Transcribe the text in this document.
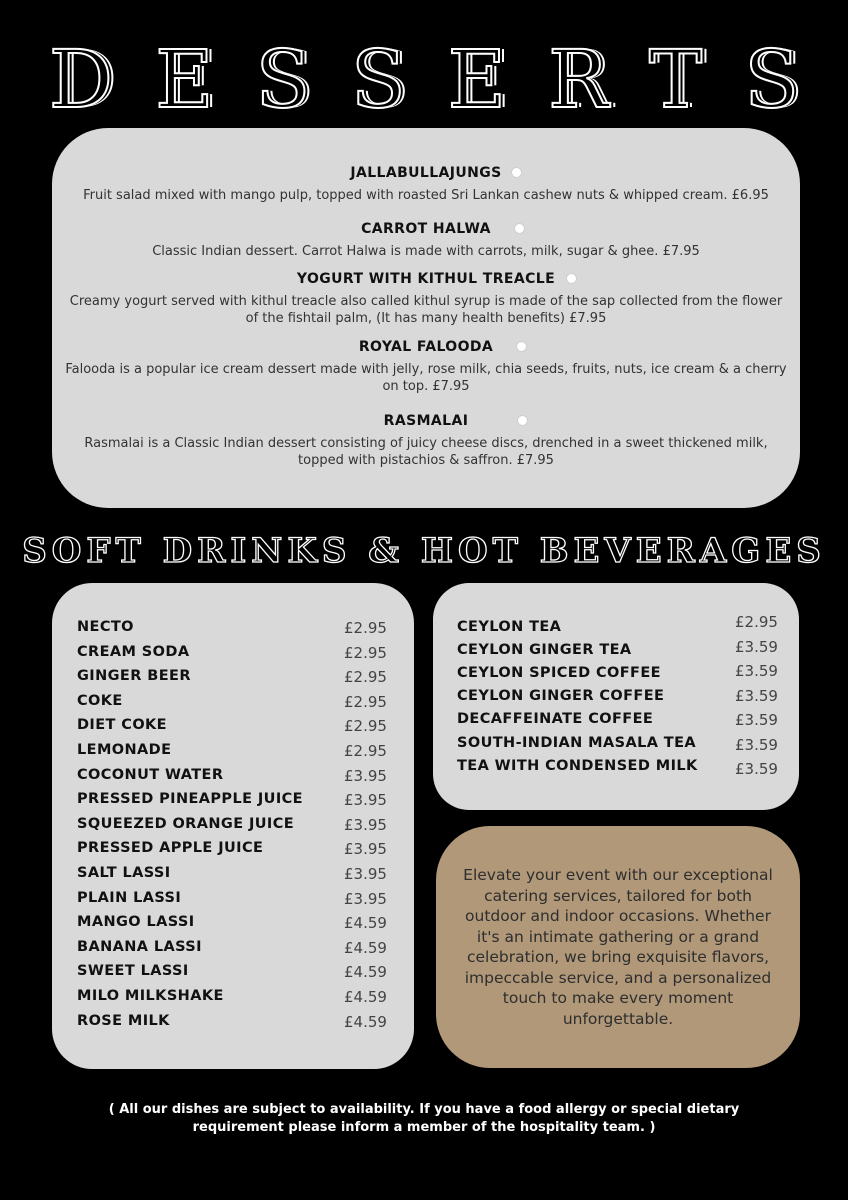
DESSERTS
JALLABULLAJUNGS
Fruit salad mixed with mango pulp, topped with roasted Sri Lankan cashew nuts & whipped cream. £6.95
CARROT HALWA
Classic Indian dessert. Carrot Halwa is made with carrots, milk, sugar & ghee. £7.95
YOGURT WITH KITHUL TREACLE
Creamy yogurt served with kithul treacle also called kithul syrup is made of the sap collected from the flower of the fishtail palm, (It has many health benefits) £7.95
ROYAL FALOODA
Falooda is a popular ice cream dessert made with jelly, rose milk, chia seeds, fruits, nuts, ice cream & a cherry on top. £7.95
RASMALAI
Rasmalai is a Classic Indian dessert consisting of juicy cheese discs, drenched in a sweet thickened milk, topped with pistachios & saffron. £7.95
SOFT DRINKS & HOT BEVERAGES
NECTO	£2.95
CREAM SODA	£2.95
GINGER BEER	£2.95
COKE	£2.95
DIET COKE	£2.95
LEMONADE	£2.95
COCONUT WATER	£3.95
PRESSED PINEAPPLE JUICE	£3.95
SQUEEZED ORANGE JUICE	£3.95
PRESSED APPLE JUICE	£3.95
SALT LASSI	£3.95
PLAIN LASSI	£3.95
MANGO LASSI	£4.59
BANANA LASSI	£4.59
SWEET LASSI	£4.59
MILO MILKSHAKE	£4.59
ROSE MILK	£4.59
CEYLON TEA	£2.95
CEYLON GINGER TEA	£3.59
CEYLON SPICED COFFEE	£3.59
CEYLON GINGER COFFEE	£3.59
DECAFFEINATE COFFEE	£3.59
SOUTH-INDIAN MASALA TEA	£3.59
TEA WITH CONDENSED MILK £3.59

Elevate your event with our exceptional catering services, tailored for both outdoor and indoor occasions. Whether it's an intimate gathering or a grand celebration, we bring exquisite flavors, impeccable service, and a personalized touch to make every moment unforgettable.

( All our dishes are subject to availability. If you have a food allergy or special dietary
requirement please inform a member of the hospitality team. )
